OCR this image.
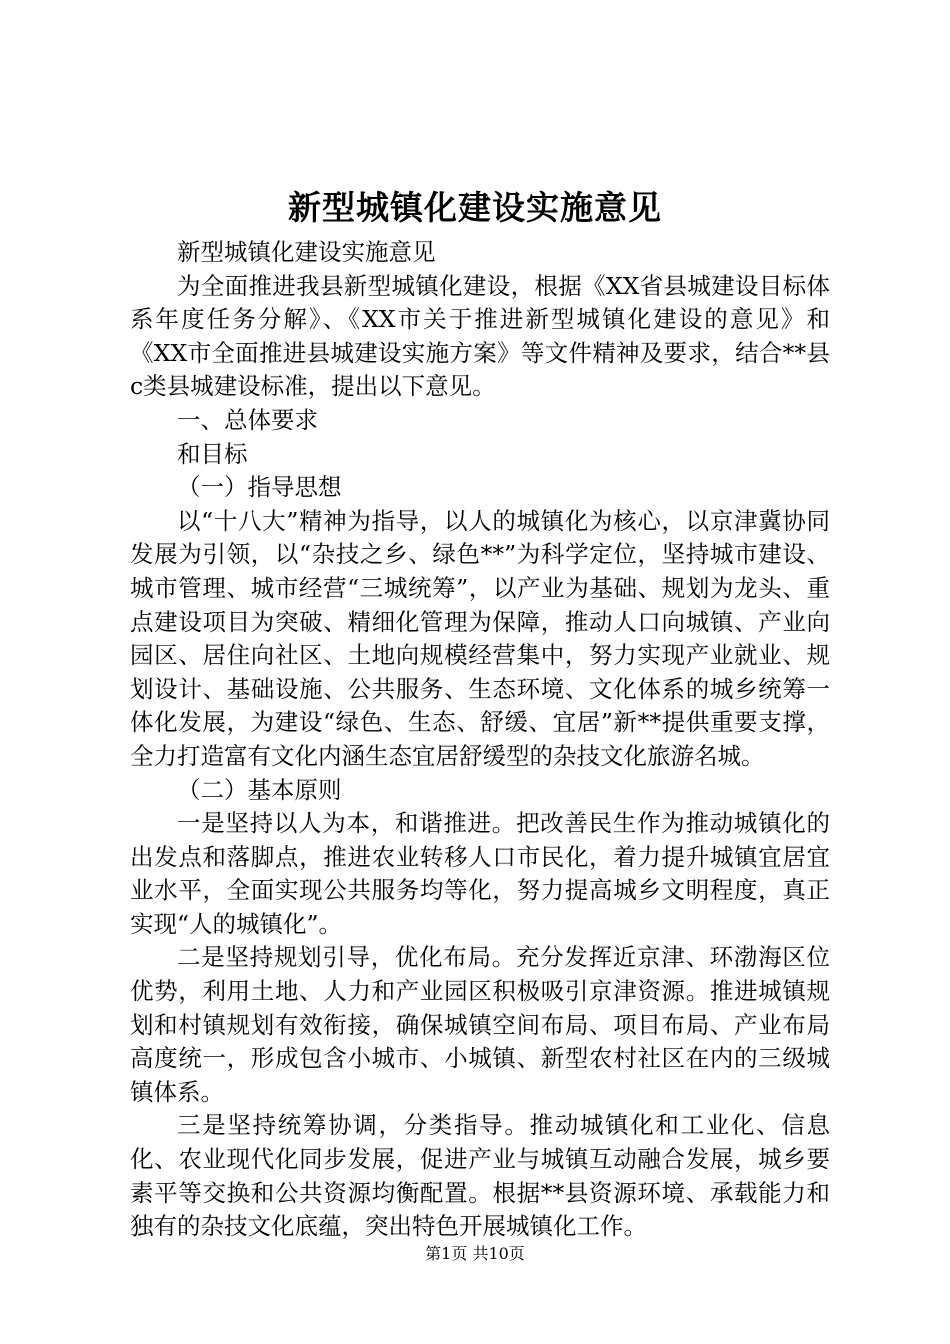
新型城镇化建设实施意见

新型城镇化建设实施意见

为全面推进我县新型城镇化建设，根据《XX省县城建设目标体系年度任务分解》、《XX市关于推进新型城镇化建设的意见》和《XX市全面推进县城建设实施方案》等文件精神及要求，结合**县c类县城建设标准，提出以下意见。

一、总体要求

和目标

（一）指导思想

以“十八大”精神为指导，以人的城镇化为核心，以京津冀协同发展为引领，以“杂技之乡、绿色**”为科学定位，坚持城市建设、城市管理、城市经营“三城统筹”，以产业为基础、规划为龙头、重点建设项目为突破、精细化管理为保障，推动人口向城镇、产业向园区、居住向社区、土地向规模经营集中，努力实现产业就业、规划设计、基础设施、公共服务、生态环境、文化体系的城乡统筹一体化发展，为建设“绿色、生态、舒缓、宜居”新**提供重要支撑，全力打造富有文化内涵生态宜居舒缓型的杂技文化旅游名城。

（二）基本原则

一是坚持以人为本，和谐推进。把改善民生作为推动城镇化的出发点和落脚点，推进农业转移人口市民化，着力提升城镇宜居宜业水平，全面实现公共服务均等化，努力提高城乡文明程度，真正实现“人的城镇化”。

二是坚持规划引导，优化布局。充分发挥近京津、环渤海区位优势，利用土地、人力和产业园区积极吸引京津资源。推进城镇规划和村镇规划有效衔接，确保城镇空间布局、项目布局、产业布局高度统一，形成包含小城市、小城镇、新型农村社区在内的三级城镇体系。

三是坚持统筹协调，分类指导。推动城镇化和工业化、信息化、农业现代化同步发展，促进产业与城镇互动融合发展，城乡要素平等交换和公共资源均衡配置。根据**县资源环境、承载能力和独有的杂技文化底蕴，突出特色开展城镇化工作。

第1页 共10页
